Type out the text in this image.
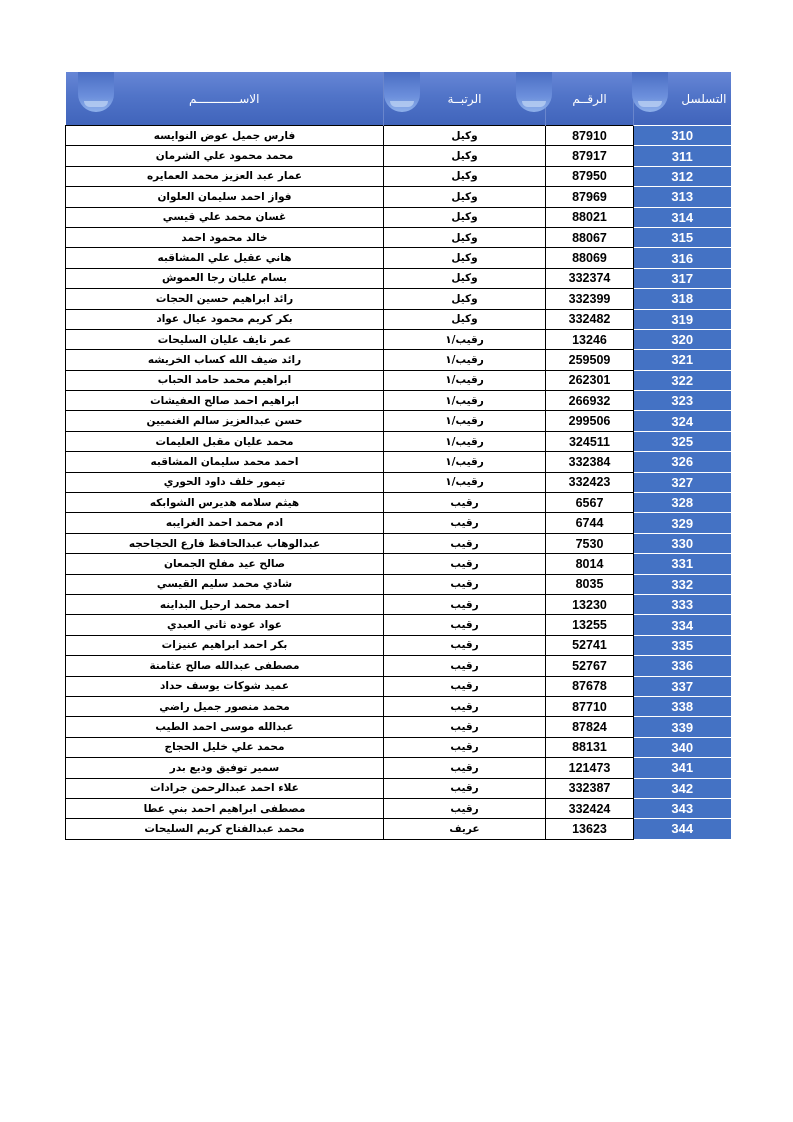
الاســــــــــــم	الرتبــة	الرقــم	التسلسل

فارس جميل عوض النوايسه	وكيل	87910	310
محمد محمود علي الشرمان	وكيل	87917	311
عمار عبد العزيز محمد العمايره	وكيل	87950	312
فواز احمد سليمان العلوان	وكيل	87969	313
غسان محمد علي قيسي	وكيل	88021	314
خالد محمود احمد	وكيل	88067	315
هاني عقيل علي المشاقبه	وكيل	88069	316
بسام عليان رجا العموش	وكيل	332374	317
رائد ابراهيم حسين الحجات	وكيل	332399	318
بكر كريم محمود عيال عواد	وكيل	332482	319
عمر نايف عليان السليحات	رقيب/١	13246	320
رائد ضيف الله كساب الخريشه	رقيب/١	259509	321
ابراهيم محمد حامد الحباب	رقيب/١	262301	322
ابراهيم احمد صالح العفيشات	رقيب/١	266932	323
حسن عبدالعزيز سالم الغنميين	رقيب/١	299506	324
محمد عليان مقبل العليمات	رقيب/١	324511	325
احمد محمد سليمان المشاقبه	رقيب/١	332384	326
تيمور خلف داود الحوري	رقيب/١	332423	327
هيثم سلامه هديرس الشوابكه	رقيب	6567	328
ادم محمد احمد الغرايبه	رقيب	6744	329
عبدالوهاب عبدالحافظ فارع الحجاحجه	رقيب	7530	330
صالح عيد مفلح الجمعان	رقيب	8014	331
شادي محمد سليم القيسي	رقيب	8035	332
احمد محمد ارحيل البداينه	رقيب	13230	333
عواد عوده ثاني العبدي	رقيب	13255	334
بكر احمد ابراهيم عنيزات	رقيب	52741	335
مصطفى عبدالله صالح عثامنة	رقيب	52767	336
عميد شوكات يوسف حداد	رقيب	87678	337
محمد منصور جميل راضي	رقيب	87710	338
عبدالله موسى احمد الطيب	رقيب	87824	339
محمد علي خليل الحجاج	رقيب	88131	340
سمير توفيق وديع بدر	رقيب	121473	341
علاء احمد عبدالرحمن جرادات	رقيب	332387	342
مصطفى ابراهيم احمد بني عطا	رقيب	332424	343
محمد عبدالفتاح كريم السليحات	عريف	13623	344
